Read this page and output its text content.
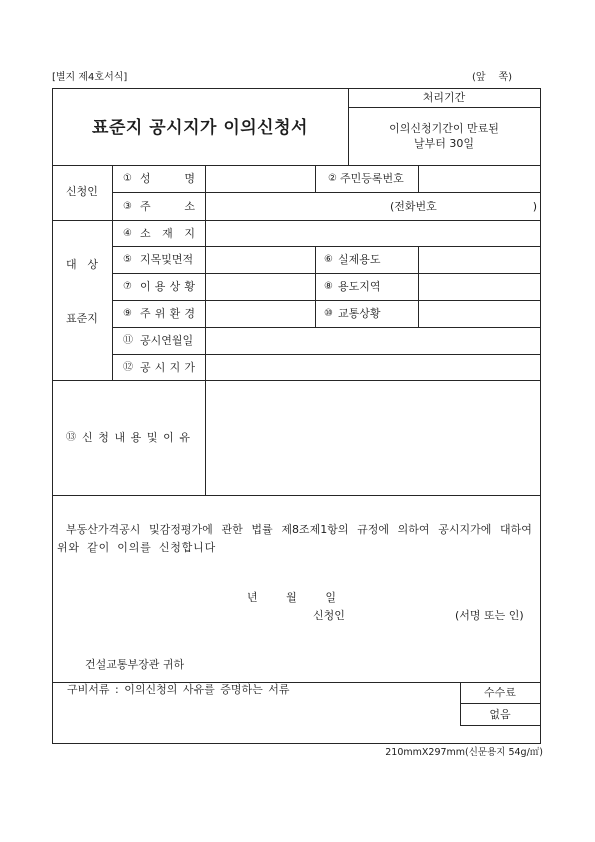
[별지 제4호서식]	(앞 쪽)
표준지 공시지가 이의신청서
처리기간
이의신청기간이 만료된
날부터 30일
신청인
① 성	명	② 주민등록번호
③ 주	소	(전화번호	)
대 상
표준지
④ 소 재 지
⑤ 지목및면적	⑥ 실제용도
⑦ 이 용 상 황	⑧ 용도지역
⑨ 주 위 환 경	⑩ 교통상황
⑪ 공시연월일
⑫ 공 시 지 가
⑬ 신 청 내 용 및 이 유
부동산가격공시 및감정평가에 관한 법률 제8조제1항의 규정에 의하여 공시지가에 대하여
위와 같이 이의를 신청합니다
년	월	일
신청인	(서명 또는 인)
건설교통부장관 귀하
구비서류 : 이의신청의 사유를 증명하는 서류	수수료
없음
210mmX297mm(신문용지 54g/㎡)
